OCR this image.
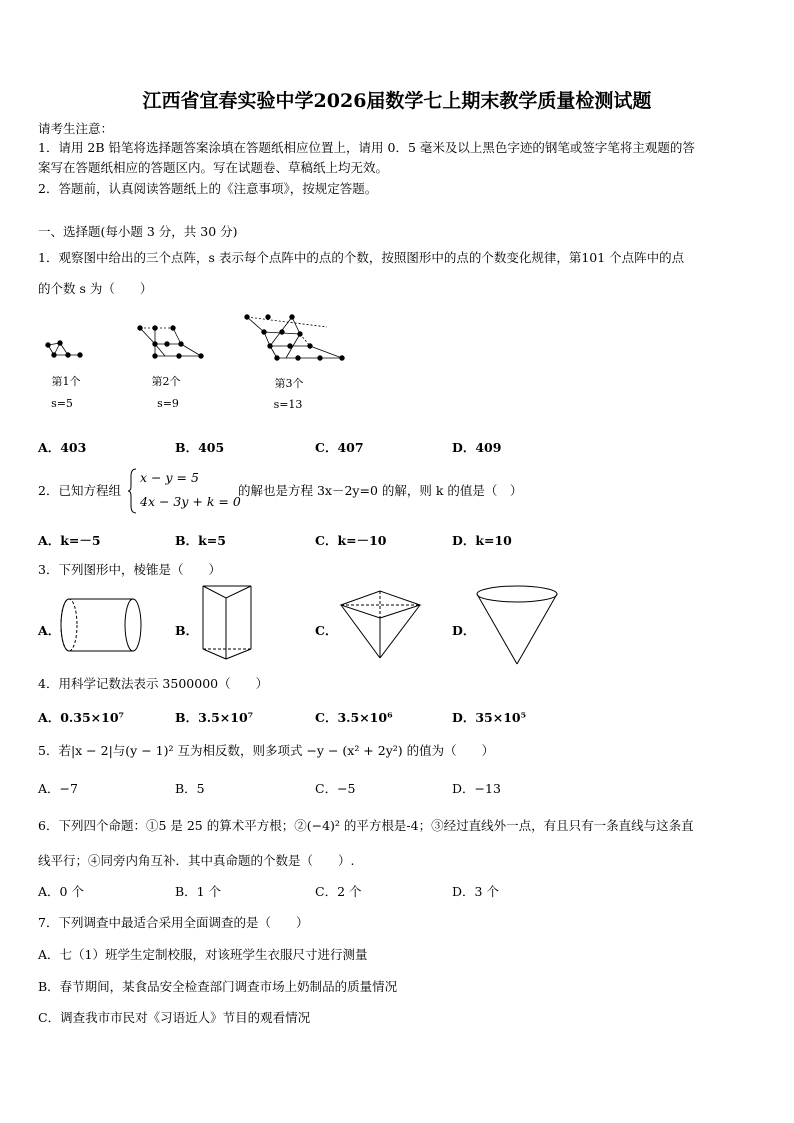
江西省宜春实验中学2026届数学七上期末教学质量检测试题
请考生注意：
1．请用 2B 铅笔将选择题答案涂填在答题纸相应位置上，请用 0．5 毫米及以上黑色字迹的钢笔或签字笔将主观题的答
案写在答题纸相应的答题区内。写在试题卷、草稿纸上均无效。
2．答题前，认真阅读答题纸上的《注意事项》，按规定答题。
一、选择题(每小题 3 分，共 30 分)
1．观察图中给出的三个点阵，s 表示每个点阵中的点的个数，按照图形中的点的个数变化规律，第101 个点阵中的点
的个数 s 为（　　）
第1个	第2个	第3个
s=5	s=9	s=13
A．403	B．405	C．407	D．409
2．已知方程组
x − y = 5
4x − 3y + k = 0
的解也是方程 3x－2y=0 的解，则 k 的值是（　）
A．k=－5	B．k=5	C．k=－10	D．k=10
3．下列图形中，棱锥是（　　）
A．	B．	C．	D．
4．用科学记数法表示 3500000（　　）
A．0.35×10⁷	B．3.5×10⁷	C．3.5×10⁶	D．35×10⁵
5．若|x − 2|与(y − 1)² 互为相反数，则多项式 −y − (x² + 2y²) 的值为（　　）
A．−7	B．5	C．−5	D．−13
6．下列四个命题：①5 是 25 的算术平方根；②(−4)² 的平方根是-4；③经过直线外一点，有且只有一条直线与这条直
线平行；④同旁内角互补．其中真命题的个数是（　　）.
A．0 个	B．1 个	C．2 个	D．3 个
7．下列调查中最适合采用全面调查的是（　　）
A．七（1）班学生定制校服，对该班学生衣服尺寸进行测量
B．春节期间，某食品安全检查部门调查市场上奶制品的质量情况
C．调查我市市民对《习语近人》节目的观看情况
